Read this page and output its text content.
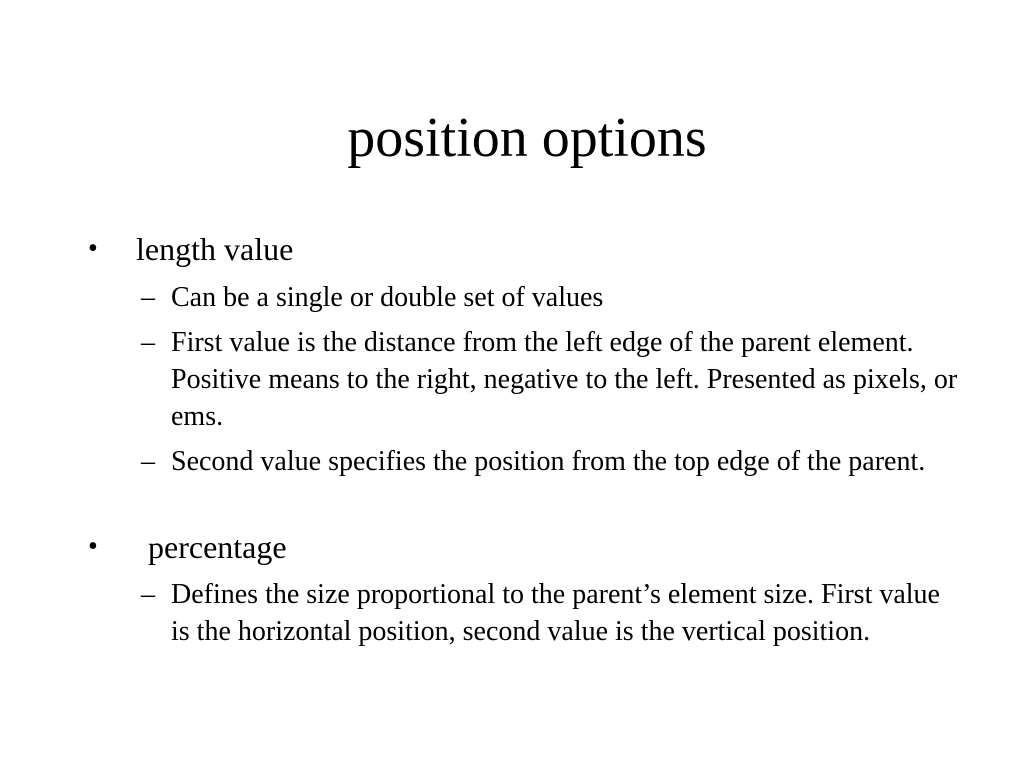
position options
•	length value
– Can be a single or double set of values
– First value is the distance from the left edge of the parent element. Positive means to the right, negative to the left. Presented as pixels, or ems.
– Second value specifies the position from the top edge of the parent.
•	percentage
– Defines the size proportional to the parent’s element size. First value is the horizontal position, second value is the vertical position.
